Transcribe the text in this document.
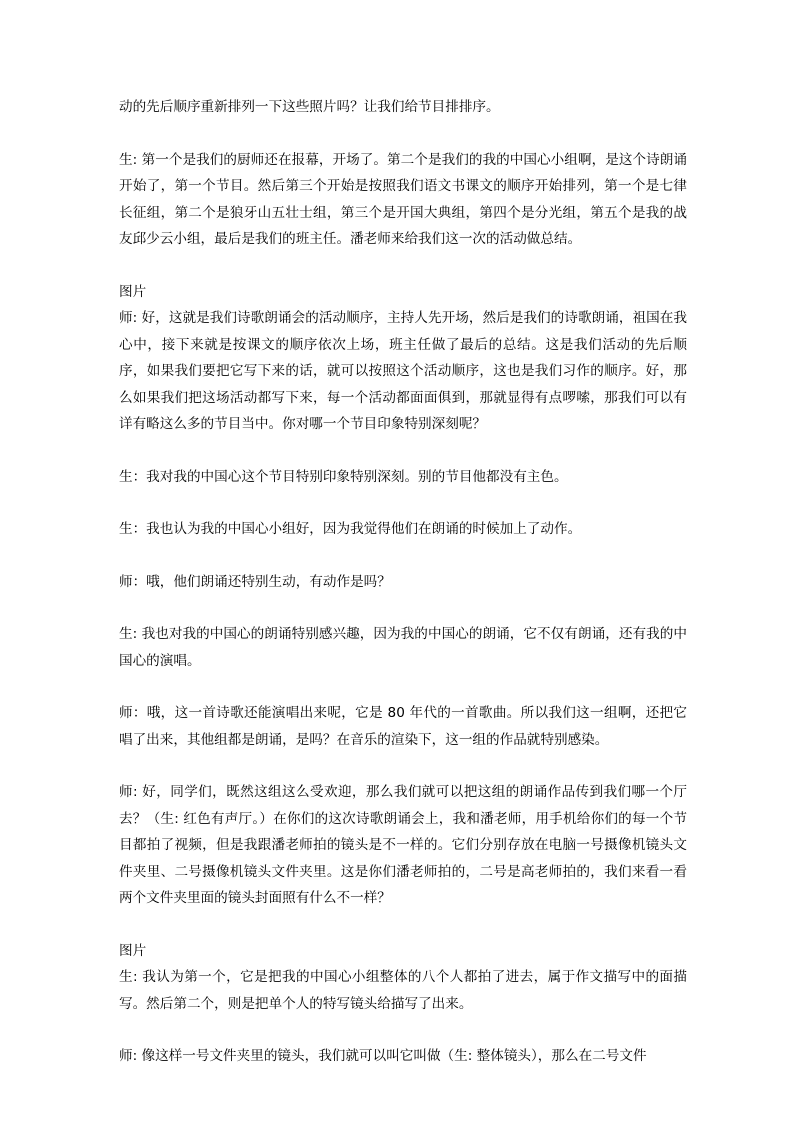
动的先后顺序重新排列一下这些照片吗？让我们给节目排排序。

生: 第一个是我们的厨师还在报幕，开场了。第二个是我们的我的中国心小组啊，是这个诗朗诵开始了，第一个节目。然后第三个开始是按照我们语文书课文的顺序开始排列，第一个是七律长征组，第二个是狼牙山五壮士组，第三个是开国大典组，第四个是分光组，第五个是我的战友邱少云小组，最后是我们的班主任。潘老师来给我们这一次的活动做总结。

图片

师: 好，这就是我们诗歌朗诵会的活动顺序，主持人先开场，然后是我们的诗歌朗诵，祖国在我心中，接下来就是按课文的顺序依次上场，班主任做了最后的总结。这是我们活动的先后顺序，如果我们要把它写下来的话，就可以按照这个活动顺序，这也是我们习作的顺序。好，那么如果我们把这场活动都写下来，每一个活动都面面俱到，那就显得有点啰嗦，那我们可以有详有略这么多的节目当中。你对哪一个节目印象特别深刻呢？

生：我对我的中国心这个节目特别印象特别深刻。别的节目他都没有主色。

生：我也认为我的中国心小组好，因为我觉得他们在朗诵的时候加上了动作。

师：哦，他们朗诵还特别生动，有动作是吗？

生: 我也对我的中国心的朗诵特别感兴趣，因为我的中国心的朗诵，它不仅有朗诵，还有我的中国心的演唱。

师：哦，这一首诗歌还能演唱出来呢，它是 80 年代的一首歌曲。所以我们这一组啊，还把它唱了出来，其他组都是朗诵，是吗？在音乐的渲染下，这一组的作品就特别感染。

师: 好，同学们，既然这组这么受欢迎，那么我们就可以把这组的朗诵作品传到我们哪一个厅去？（生: 红色有声厅。）在你们的这次诗歌朗诵会上，我和潘老师，用手机给你们的每一个节目都拍了视频，但是我跟潘老师拍的镜头是不一样的。它们分别存放在电脑一号摄像机镜头文件夹里、二号摄像机镜头文件夹里。这是你们潘老师拍的，二号是高老师拍的，我们来看一看两个文件夹里面的镜头封面照有什么不一样？

图片

生: 我认为第一个，它是把我的中国心小组整体的八个人都拍了进去，属于作文描写中的面描写。然后第二个，则是把单个人的特写镜头给描写了出来。

师: 像这样一号文件夹里的镜头，我们就可以叫它叫做（生: 整体镜头），那么在二号文件
